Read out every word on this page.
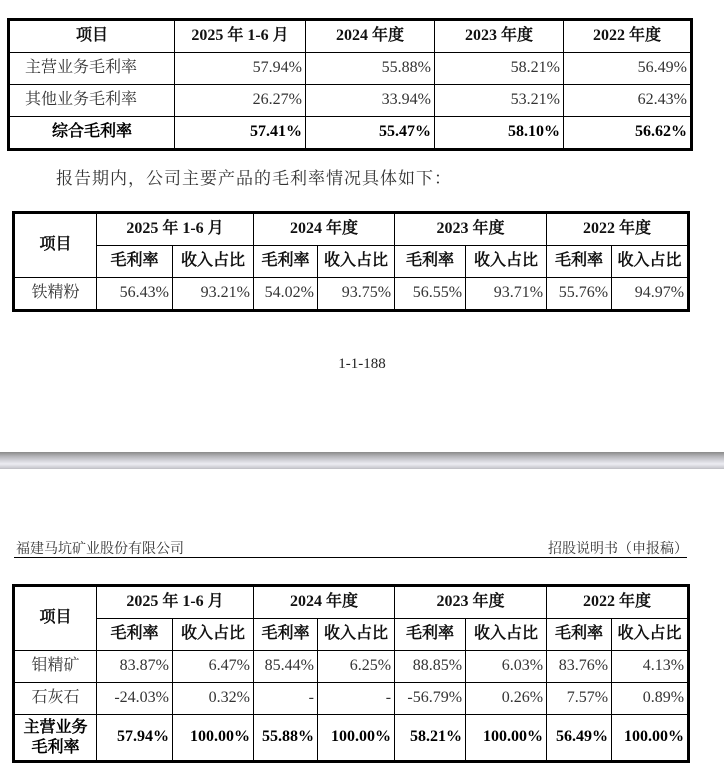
项目	2025 年 1-6 月	2024 年度	2023 年度	2022 年度
主营业务毛利率	57.94%	55.88%	58.21%	56.49%
其他业务毛利率	26.27%	33.94%	53.21%	62.43%
综合毛利率	57.41%	55.47%	58.10%	56.62%
报告期内，公司主要产品的毛利率情况具体如下：
项目	2025 年 1-6 月		2024 年度		2023 年度		2022 年度	
	毛利率	收入占比	毛利率	收入占比	毛利率	收入占比	毛利率	收入占比
铁精粉	56.43%	93.21%	54.02%	93.75%	56.55%	93.71%	55.76%	94.97%
1-1-188
福建马坑矿业股份有限公司	招股说明书（申报稿）
项目	2025 年 1-6 月		2024 年度		2023 年度		2022 年度	
	毛利率	收入占比	毛利率	收入占比	毛利率	收入占比	毛利率	收入占比
钼精矿	83.87%	6.47%	85.44%	6.25%	88.85%	6.03%	83.76%	4.13%
石灰石	-24.03%	0.32%	-	-	-56.79%	0.26%	7.57%	0.89%

主营业务
毛利率	57.94%	100.00%	55.88%	100.00%	58.21%	100.00%	56.49%	100.00%
